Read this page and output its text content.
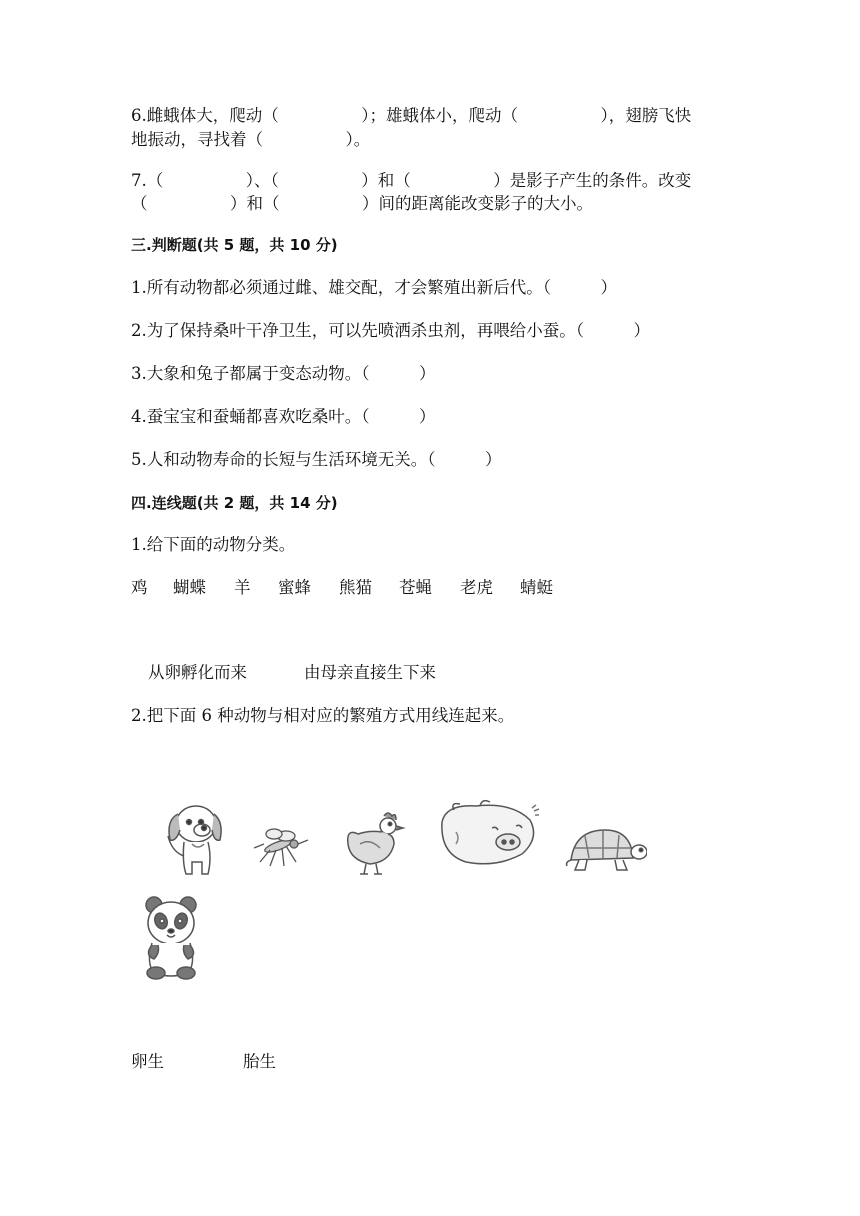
6.雌蛾体大，爬动（　　　　　）；雄蛾体小，爬动（　　　　　），翅膀飞快
地振动，寻找着（　　　　　）。
7.（　　　　　）、（　　　　　）和（　　　　　）是影子产生的条件。改变
（　　　　　）和（　　　　　）间的距离能改变影子的大小。
三.判断题(共 5 题，共 10 分)
1.所有动物都必须通过雌、雄交配，才会繁殖出新后代。（　　　）
2.为了保持桑叶干净卫生，可以先喷洒杀虫剂，再喂给小蚕。（　　　）
3.大象和兔子都属于变态动物。（　　　）
4.蚕宝宝和蚕蛹都喜欢吃桑叶。（　　　）
5.人和动物寿命的长短与生活环境无关。（　　　）
四.连线题(共 2 题，共 14 分)
1.给下面的动物分类。
鸡 蝴蝶 羊 蜜蜂 熊猫 苍蝇 老虎 蜻蜓
从卵孵化而来	由母亲直接生下来
2.把下面 6 种动物与相对应的繁殖方式用线连起来。
卵生	胎生
